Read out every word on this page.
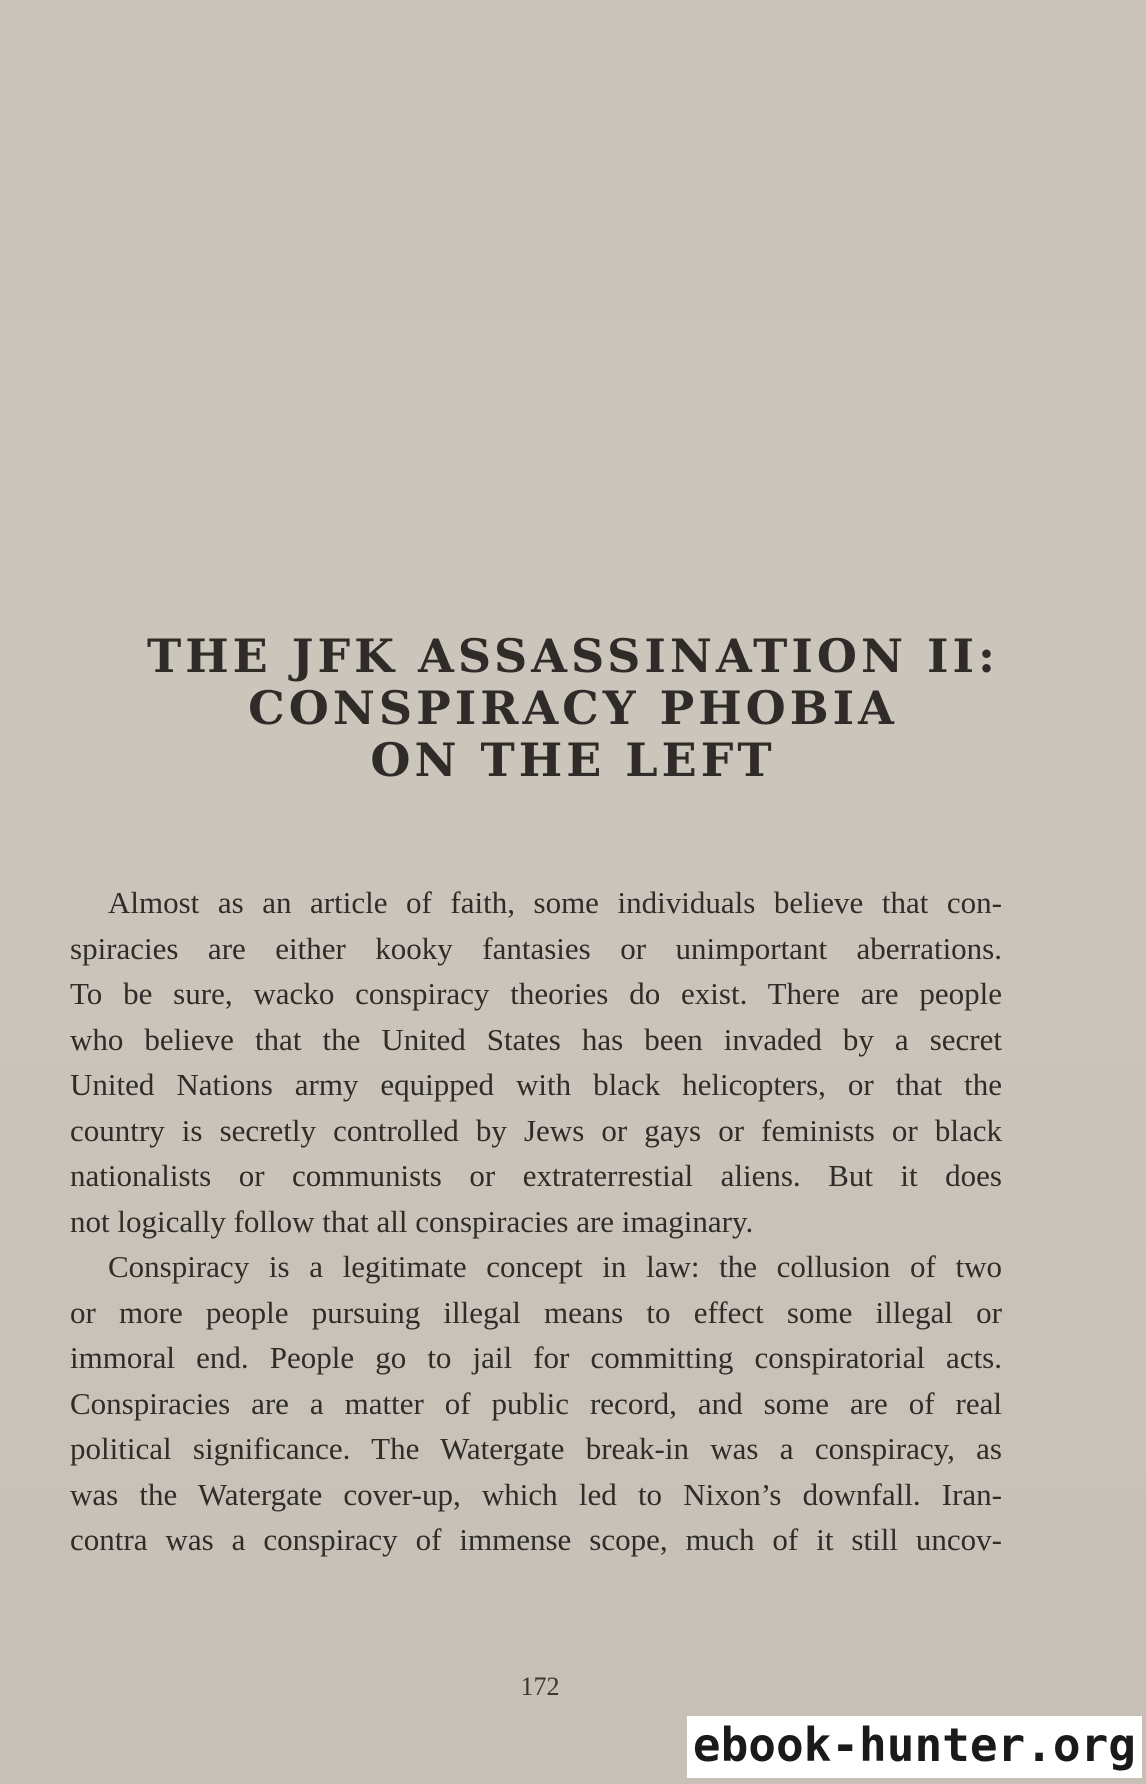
THE JFK ASSASSINATION II:
CONSPIRACY PHOBIA
ON THE LEFT
Almost as an article of faith, some individuals believe that con-
spiracies are either kooky fantasies or unimportant aberrations.
To be sure, wacko conspiracy theories do exist. There are people
who believe that the United States has been invaded by a secret
United Nations army equipped with black helicopters, or that the
country is secretly controlled by Jews or gays or feminists or black
nationalists or communists or extraterrestial aliens. But it does
not logically follow that all conspiracies are imaginary.
Conspiracy is a legitimate concept in law: the collusion of two
or more people pursuing illegal means to effect some illegal or
immoral end. People go to jail for committing conspiratorial acts.
Conspiracies are a matter of public record, and some are of real
political significance. The Watergate break-in was a conspiracy, as
was the Watergate cover-up, which led to Nixon’s downfall. Iran-
contra was a conspiracy of immense scope, much of it still uncov-
172
ebook-hunter.org
